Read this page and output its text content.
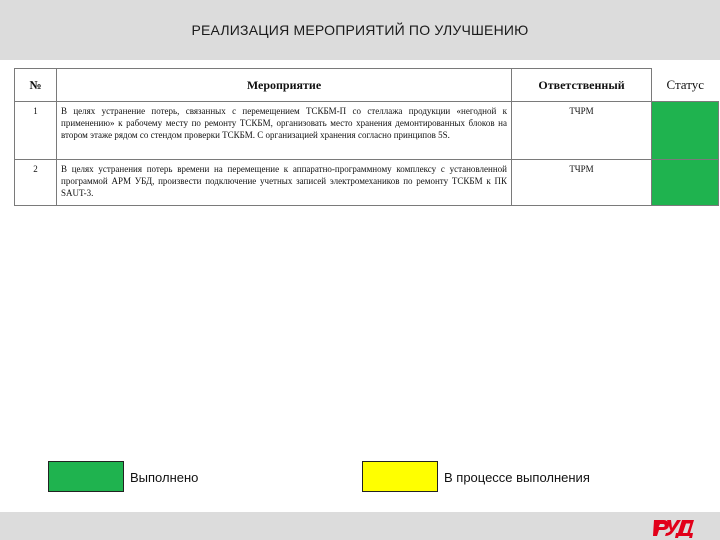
РЕАЛИЗАЦИЯ МЕРОПРИЯТИЙ ПО УЛУЧШЕНИЮ
№	Мероприятие	Ответственный	Статус
1	В целях устранение потерь, связанных с перемещением ТСКБМ-П со стеллажа продукции «негодной к применению» к рабочему месту по ремонту ТСКБМ, организовать место хранения демонтированных блоков на втором этаже рядом со стендом проверки ТСКБМ. С организацией хранения согласно принципов 5S.	ТЧРМ	
2	В целях устранения потерь времени на перемещение к аппаратно-программному комплексу с установленной программой АРМ УБД, произвести подключение учетных записей электромехаников по ремонту ТСКБМ к ПК SAUT-3.	ТЧРМ	
Выполнено	В процессе выполнения
